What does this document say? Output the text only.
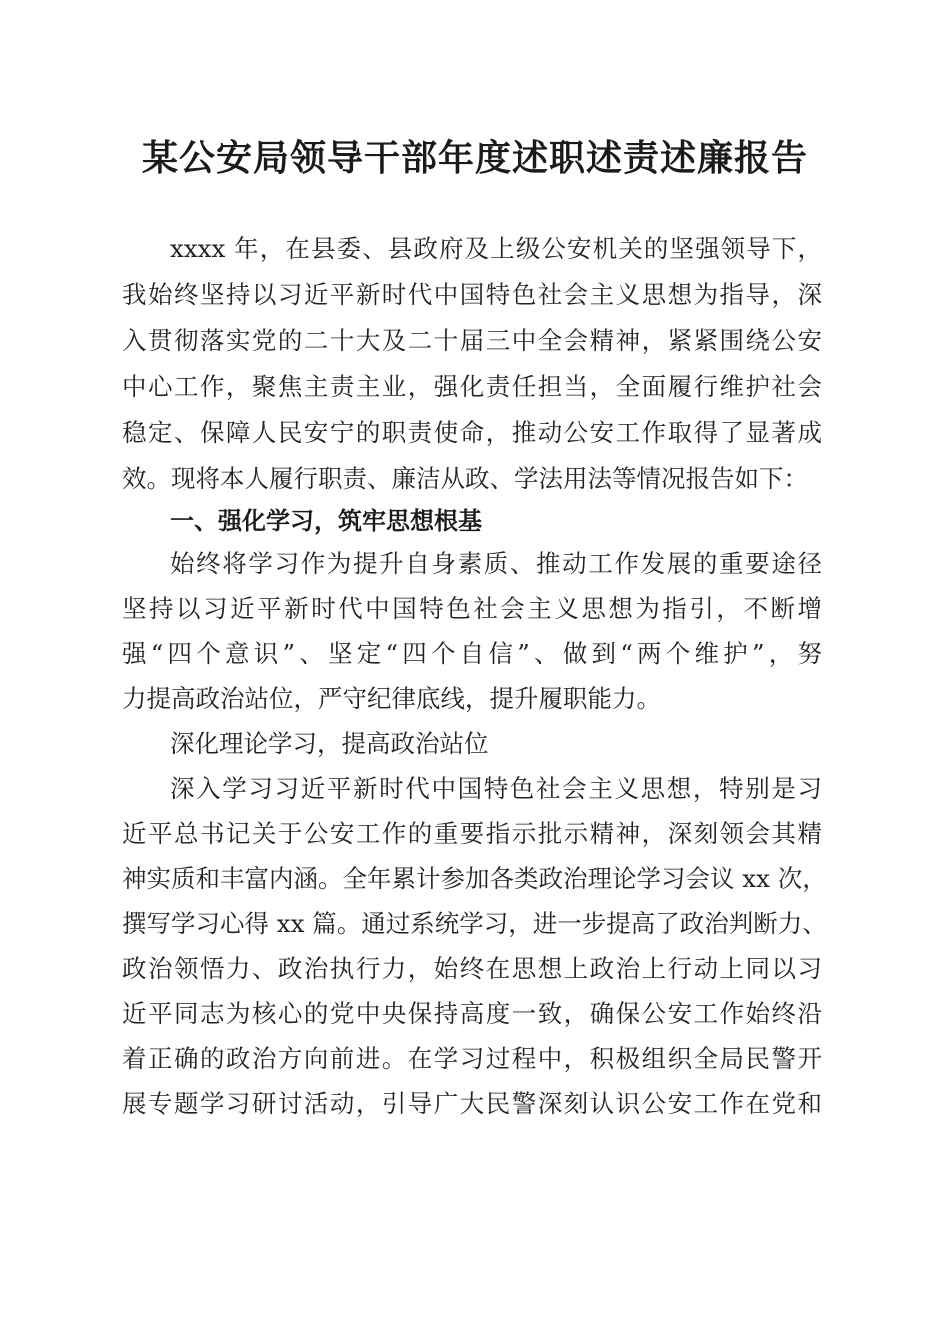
某公安局领导干部年度述职述责述廉报告
xxxx 年，在县委、县政府及上级公安机关的坚强领导下，
我始终坚持以习近平新时代中国特色社会主义思想为指导，深
入贯彻落实党的二十大及二十届三中全会精神，紧紧围绕公安
中心工作，聚焦主责主业，强化责任担当，全面履行维护社会
稳定、保障人民安宁的职责使命，推动公安工作取得了显著成
效。现将本人履行职责、廉洁从政、学法用法等情况报告如下：
一、强化学习，筑牢思想根基
始终将学习作为提升自身素质、推动工作发展的重要途径
坚持以习近平新时代中国特色社会主义思想为指引，不断增
强“四个意识”、坚定“四个自信”、做到“两个维护”，努
力提高政治站位，严守纪律底线，提升履职能力。
深化理论学习，提高政治站位
深入学习习近平新时代中国特色社会主义思想，特别是习
近平总书记关于公安工作的重要指示批示精神，深刻领会其精
神实质和丰富内涵。全年累计参加各类政治理论学习会议 xx 次，
撰写学习心得 xx 篇。通过系统学习，进一步提高了政治判断力、
政治领悟力、政治执行力，始终在思想上政治上行动上同以习
近平同志为核心的党中央保持高度一致，确保公安工作始终沿
着正确的政治方向前进。在学习过程中，积极组织全局民警开
展专题学习研讨活动，引导广大民警深刻认识公安工作在党和
